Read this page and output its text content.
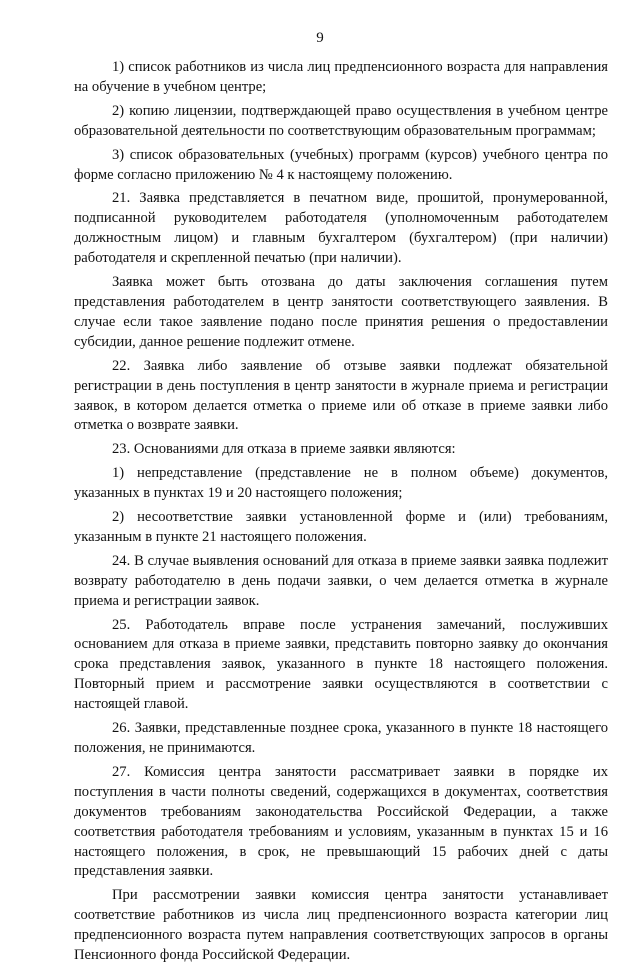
9

1) список работников из числа лиц предпенсионного возраста для направления на обучение в учебном центре;

2) копию лицензии, подтверждающей право осуществления в учебном центре образовательной деятельности по соответствующим образовательным программам;

3) список образовательных (учебных) программ (курсов) учебного центра по форме согласно приложению № 4 к настоящему положению.

21. Заявка представляется в печатном виде, прошитой, пронумерованной, подписанной руководителем работодателя (уполномоченным работодателем должностным лицом) и главным бухгалтером (бухгалтером) (при наличии) работодателя и скрепленной печатью (при наличии).

Заявка может быть отозвана до даты заключения соглашения путем представления работодателем в центр занятости соответствующего заявления. В случае если такое заявление подано после принятия решения о предоставлении субсидии, данное решение подлежит отмене.

22. Заявка либо заявление об отзыве заявки подлежат обязательной регистрации в день поступления в центр занятости в журнале приема и регистрации заявок, в котором делается отметка о приеме или об отказе в приеме заявки либо отметка о возврате заявки.

23. Основаниями для отказа в приеме заявки являются:

1) непредставление (представление не в полном объеме) документов, указанных в пунктах 19 и 20 настоящего положения;

2) несоответствие заявки установленной форме и (или) требованиям, указанным в пункте 21 настоящего положения.

24. В случае выявления оснований для отказа в приеме заявки заявка подлежит возврату работодателю в день подачи заявки, о чем делается отметка в журнале приема и регистрации заявок.

25. Работодатель вправе после устранения замечаний, послуживших основанием для отказа в приеме заявки, представить повторно заявку до окончания срока представления заявок, указанного в пункте 18 настоящего положения. Повторный прием и рассмотрение заявки осуществляются в соответствии с настоящей главой.

26. Заявки, представленные позднее срока, указанного в пункте 18 настоящего положения, не принимаются.

27. Комиссия центра занятости рассматривает заявки в порядке их поступления в части полноты сведений, содержащихся в документах, соответствия документов требованиям законодательства Российской Федерации, а также соответствия работодателя требованиям и условиям, указанным в пунктах 15 и 16 настоящего положения, в срок, не превышающий 15 рабочих дней с даты представления заявки.

При рассмотрении заявки комиссия центра занятости устанавливает соответствие работников из числа лиц предпенсионного возраста категории лиц предпенсионного возраста путем направления соответствующих запросов в органы Пенсионного фонда Российской Федерации.
